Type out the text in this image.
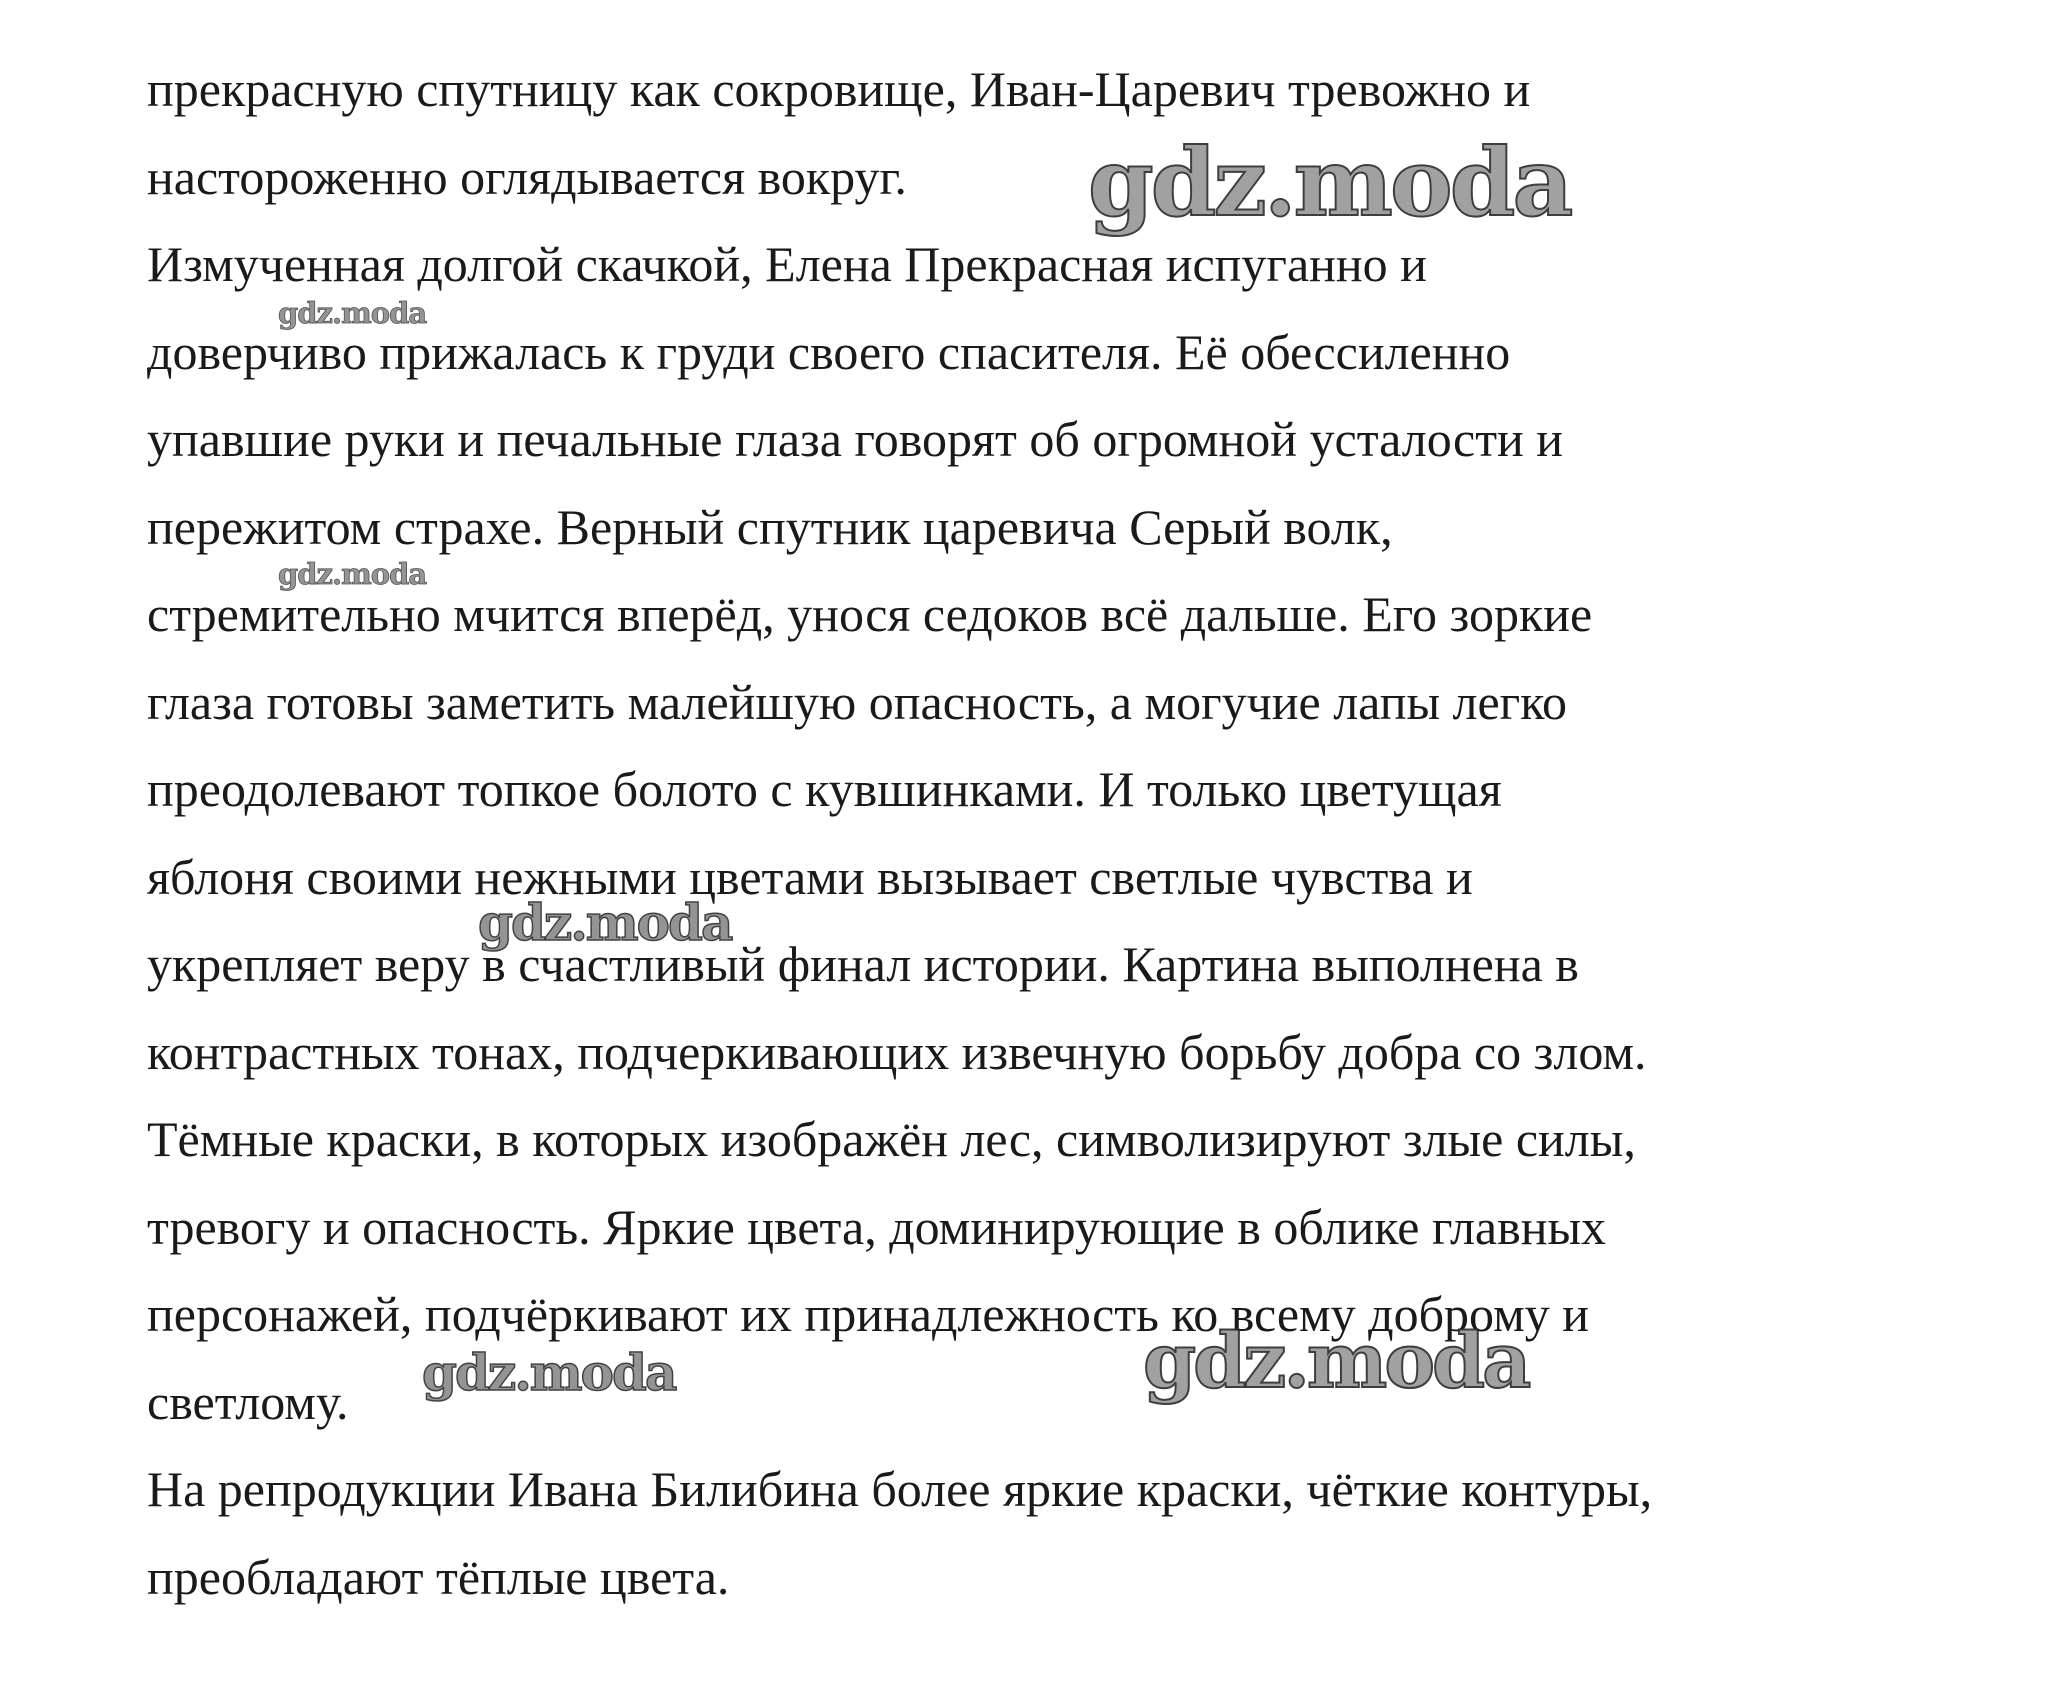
прекрасную спутницу как сокровище, Иван-Царевич тревожно и
настороженно оглядывается вокруг.
Измученная долгой скачкой, Елена Прекрасная испуганно и
доверчиво прижалась к груди своего спасителя. Её обессиленно
упавшие руки и печальные глаза говорят об огромной усталости и
пережитом страхе. Верный спутник царевича Серый волк,
стремительно мчится вперёд, унося седоков всё дальше. Его зоркие
глаза готовы заметить малейшую опасность, а могучие лапы легко
преодолевают топкое болото с кувшинками. И только цветущая
яблоня своими нежными цветами вызывает светлые чувства и
укрепляет веру в счастливый финал истории. Картина выполнена в
контрастных тонах, подчеркивающих извечную борьбу добра со злом.
Тёмные краски, в которых изображён лес, символизируют злые силы,
тревогу и опасность. Яркие цвета, доминирующие в облике главных
персонажей, подчёркивают их принадлежность ко всему доброму и
светлому.
На репродукции Ивана Билибина более яркие краски, чёткие контуры,
преобладают тёплые цвета.
gdz.moda
gdz.moda
gdz.moda
gdz.moda
gdz.moda	gdz.moda
